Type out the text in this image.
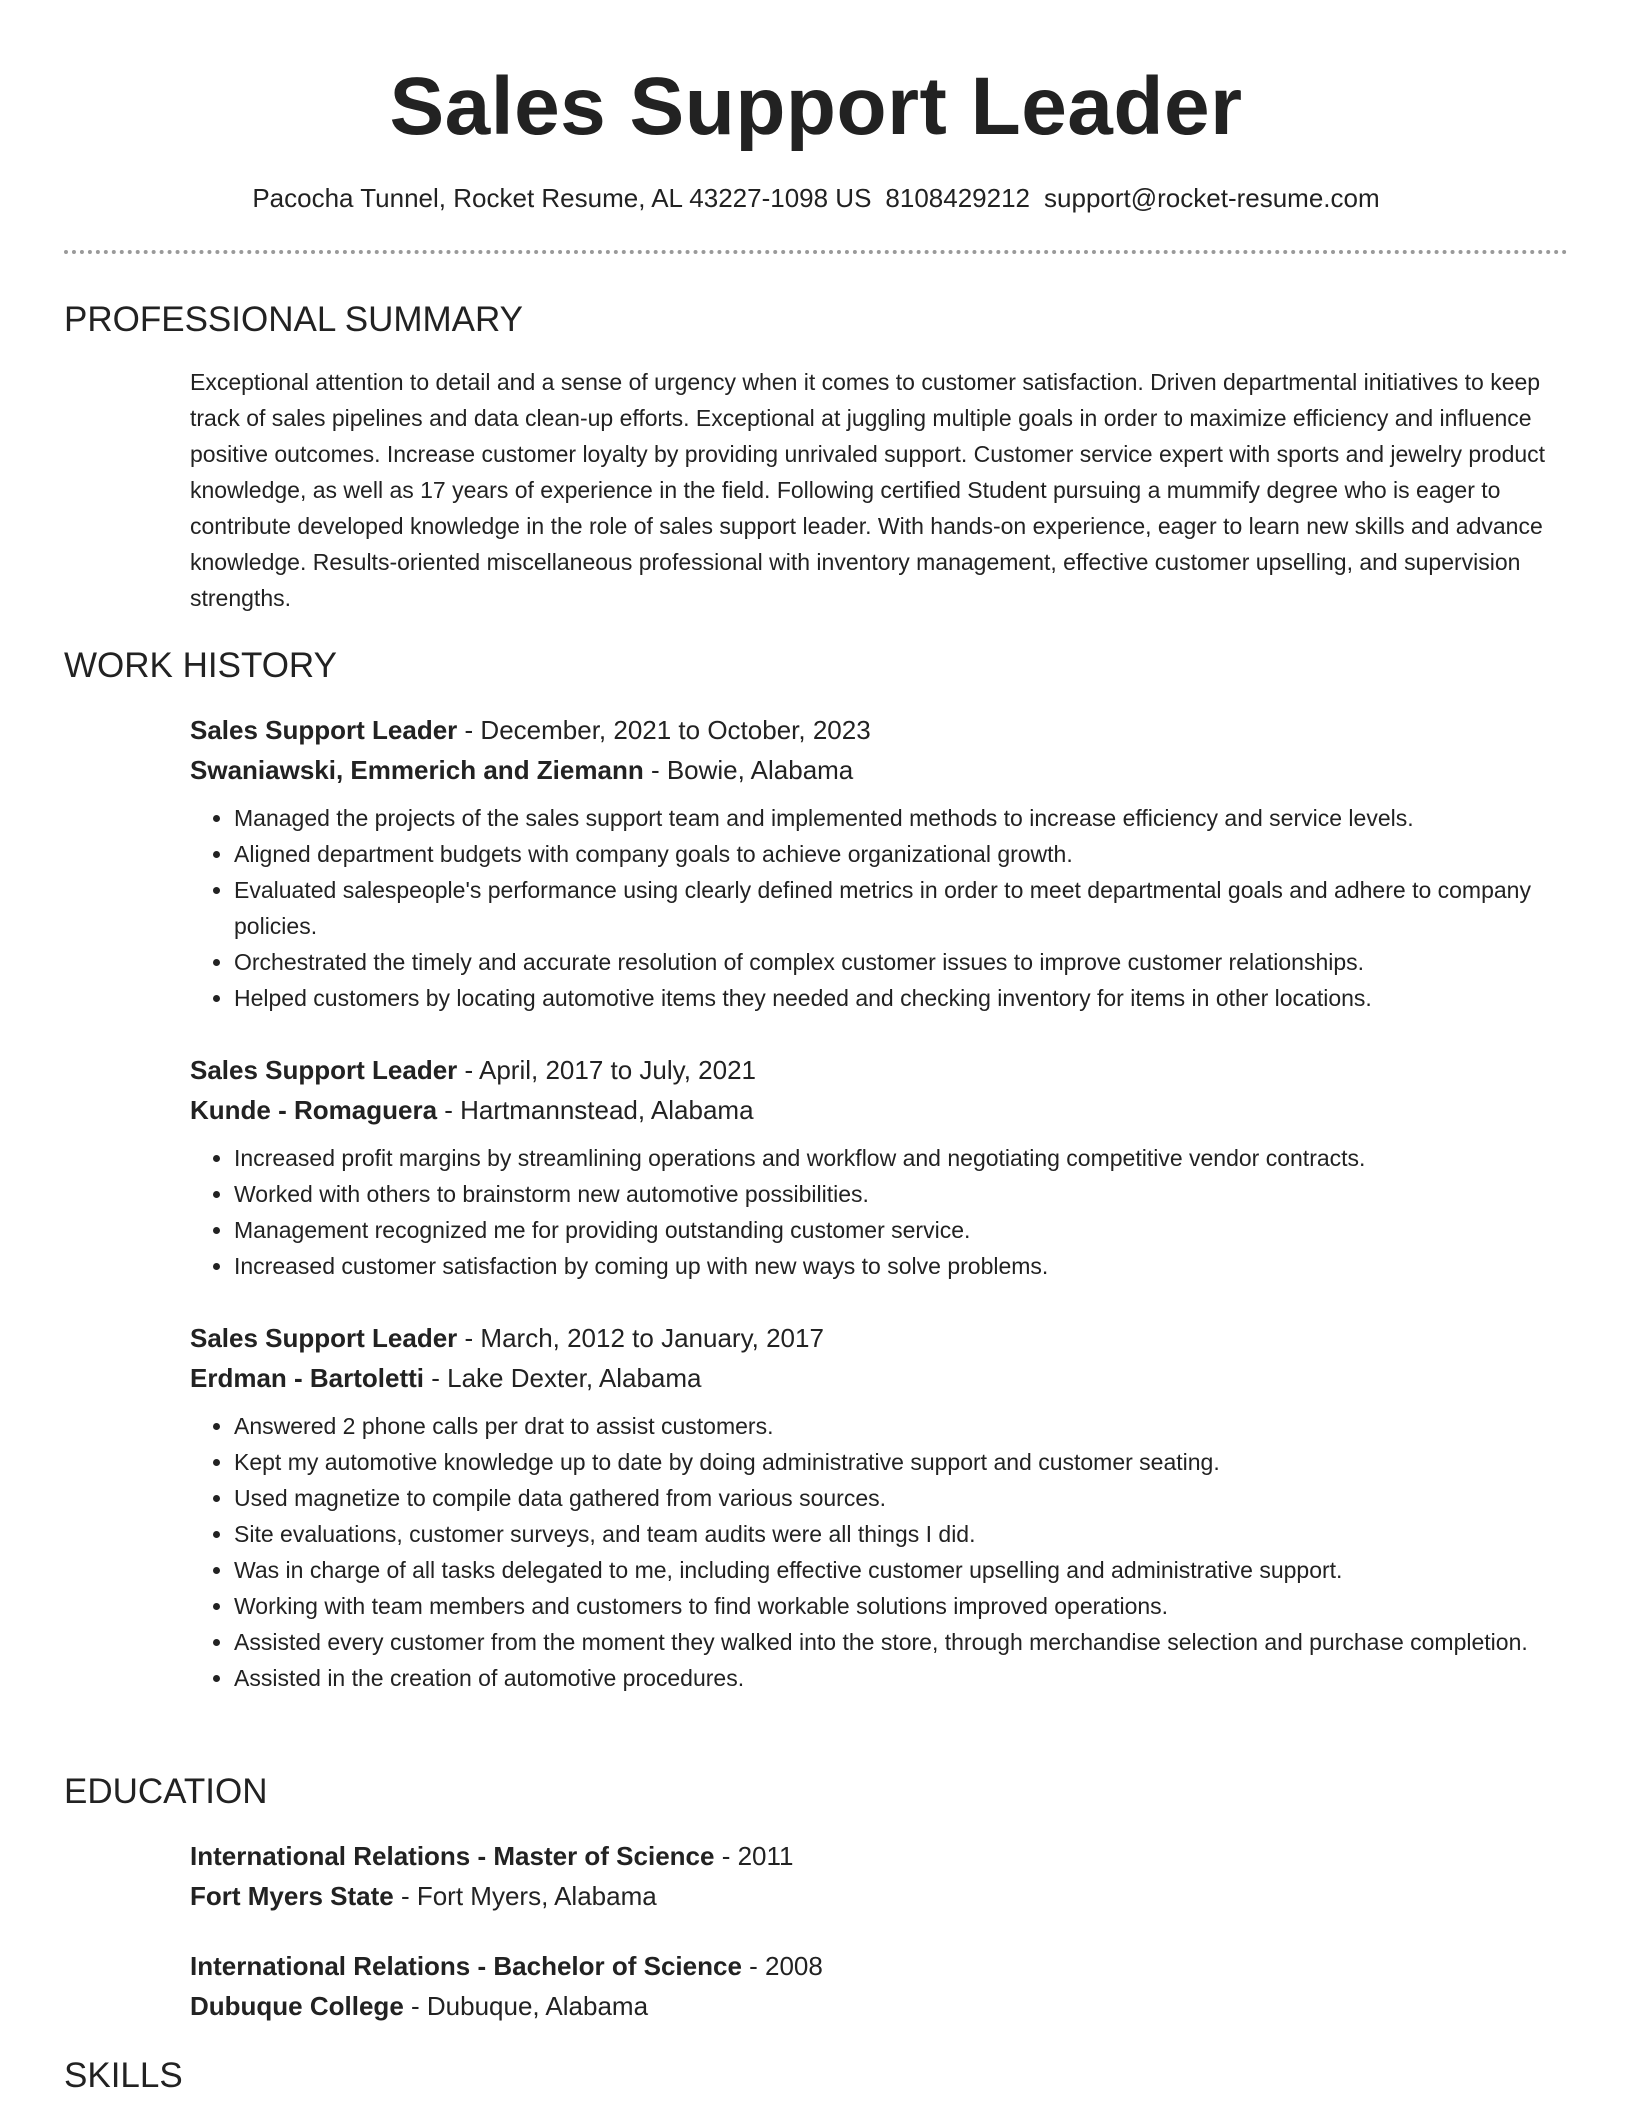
Sales Support Leader
Pacocha Tunnel, Rocket Resume, AL 43227-1098 US 8108429212 support@rocket-resume.com
PROFESSIONAL SUMMARY

Exceptional attention to detail and a sense of urgency when it comes to customer satisfaction. Driven departmental initiatives to keep track of sales pipelines and data clean-up efforts. Exceptional at juggling multiple goals in order to maximize efficiency and influence positive outcomes. Increase customer loyalty by providing unrivaled support. Customer service expert with sports and jewelry product knowledge, as well as 17 years of experience in the field. Following certified Student pursuing a mummify degree who is eager to contribute developed knowledge in the role of sales support leader. With hands-on experience, eager to learn new skills and advance knowledge. Results-oriented miscellaneous professional with inventory management, effective customer upselling, and supervision strengths.

WORK HISTORY
Sales Support Leader - December, 2021 to October, 2023
Swaniawski, Emmerich and Ziemann - Bowie, Alabama
• Managed the projects of the sales support team and implemented methods to increase efficiency and service levels.
• Aligned department budgets with company goals to achieve organizational growth.
• Evaluated salespeople's performance using clearly defined metrics in order to meet departmental goals and adhere to company policies.
• Orchestrated the timely and accurate resolution of complex customer issues to improve customer relationships.
• Helped customers by locating automotive items they needed and checking inventory for items in other locations.
Sales Support Leader - April, 2017 to July, 2021
Kunde - Romaguera - Hartmannstead, Alabama
• Increased profit margins by streamlining operations and workflow and negotiating competitive vendor contracts.
• Worked with others to brainstorm new automotive possibilities.
• Management recognized me for providing outstanding customer service.
• Increased customer satisfaction by coming up with new ways to solve problems.
Sales Support Leader - March, 2012 to January, 2017
Erdman - Bartoletti - Lake Dexter, Alabama
• Answered 2 phone calls per drat to assist customers.
• Kept my automotive knowledge up to date by doing administrative support and customer seating.
• Used magnetize to compile data gathered from various sources.
• Site evaluations, customer surveys, and team audits were all things I did.
• Was in charge of all tasks delegated to me, including effective customer upselling and administrative support.
• Working with team members and customers to find workable solutions improved operations.
• Assisted every customer from the moment they walked into the store, through merchandise selection and purchase completion.
• Assisted in the creation of automotive procedures.
EDUCATION
International Relations - Master of Science - 2011
Fort Myers State - Fort Myers, Alabama
International Relations - Bachelor of Science - 2008
Dubuque College - Dubuque, Alabama
SKILLS
